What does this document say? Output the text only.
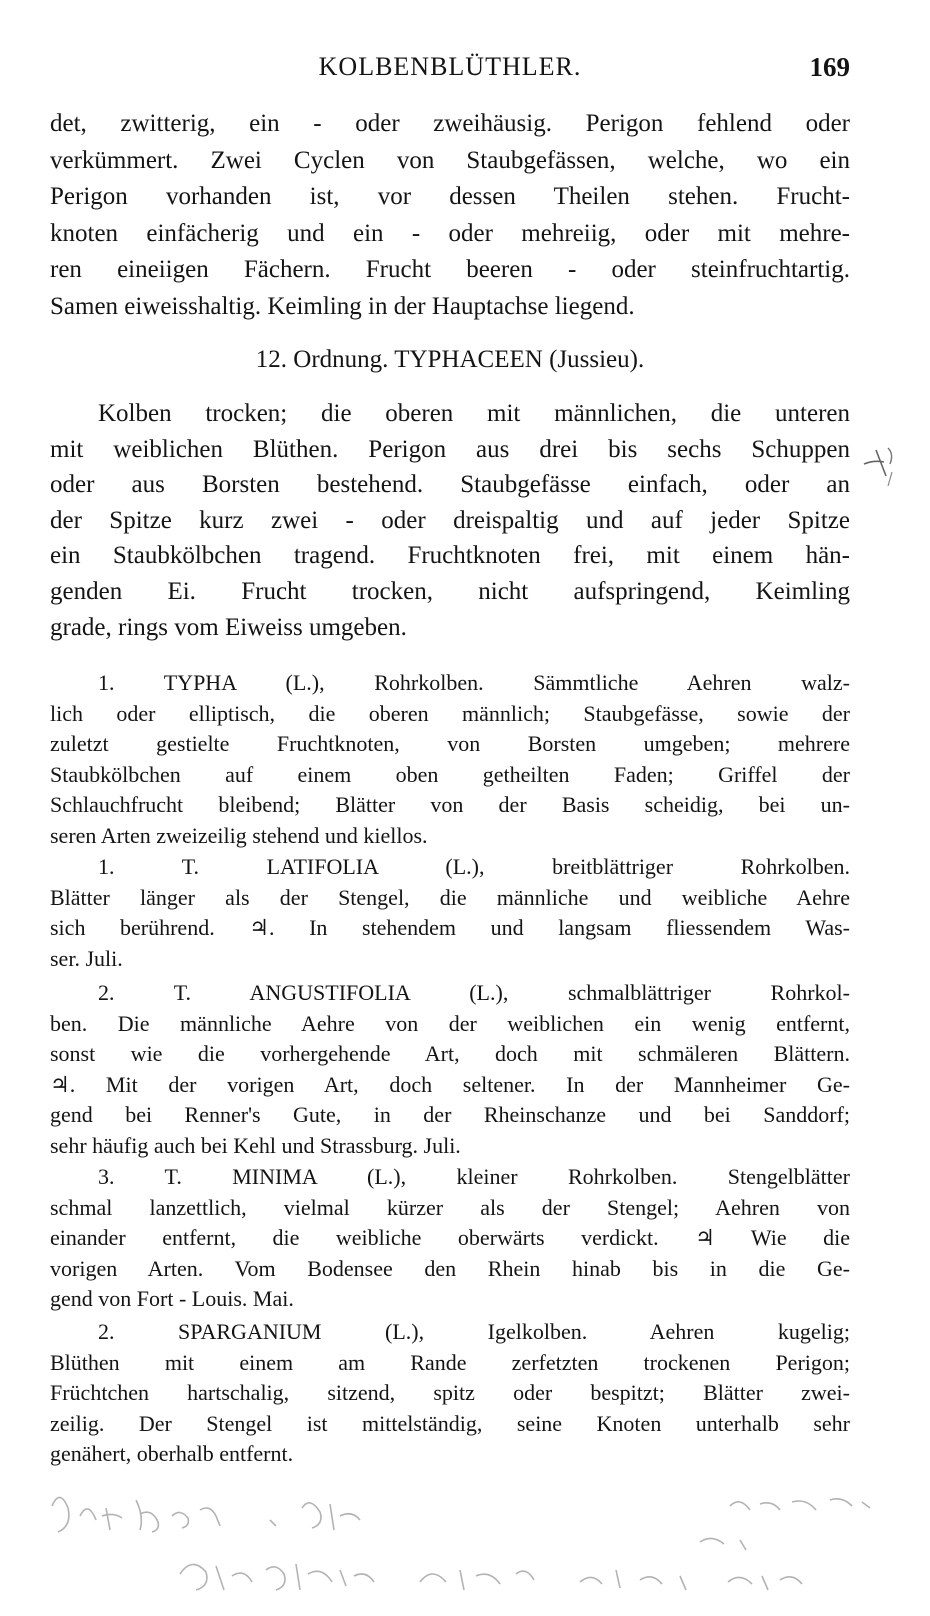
KOLBENBLÜTHLER.	169
det, zwitterig, ein - oder zweihäusig. Perigon fehlend oder
verkümmert. Zwei Cyclen von Staubgefässen, welche, wo ein
Perigon vorhanden ist, vor dessen Theilen stehen. Frucht-
knoten einfächerig und ein - oder mehreiig, oder mit mehre-
ren eineiigen Fächern. Frucht beeren - oder steinfruchtartig.
Samen eiweisshaltig. Keimling in der Hauptachse liegend.
12. Ordnung. TYPHACEEN (Jussieu).
Kolben trocken; die oberen mit männlichen, die unteren
mit weiblichen Blüthen. Perigon aus drei bis sechs Schuppen
oder aus Borsten bestehend. Staubgefässe einfach, oder an
der Spitze kurz zwei - oder dreispaltig und auf jeder Spitze
ein Staubkölbchen tragend. Fruchtknoten frei, mit einem hän-
genden Ei. Frucht trocken, nicht aufspringend, Keimling
grade, rings vom Eiweiss umgeben.
1. TYPHA (L.), Rohrkolben. Sämmtliche Aehren walz-
lich oder elliptisch, die oberen männlich; Staubgefässe, sowie der
zuletzt gestielte Fruchtknoten, von Borsten umgeben; mehrere
Staubkölbchen auf einem oben getheilten Faden; Griffel der
Schlauchfrucht bleibend; Blätter von der Basis scheidig, bei un-
seren Arten zweizeilig stehend und kiellos.
1. T. LATIFOLIA (L.), breitblättriger Rohrkolben.
Blätter länger als der Stengel, die männliche und weibliche Aehre
sich berührend. ♃. In stehendem und langsam fliessendem Was-
ser. Juli.
2. T. ANGUSTIFOLIA (L.), schmalblättriger Rohrkol-
ben. Die männliche Aehre von der weiblichen ein wenig entfernt,
sonst wie die vorhergehende Art, doch mit schmäleren Blättern.
♃. Mit der vorigen Art, doch seltener. In der Mannheimer Ge-
gend bei Renner's Gute, in der Rheinschanze und bei Sanddorf;
sehr häufig auch bei Kehl und Strassburg. Juli.
3. T. MINIMA (L.), kleiner Rohrkolben. Stengelblätter
schmal lanzettlich, vielmal kürzer als der Stengel; Aehren von
einander entfernt, die weibliche oberwärts verdickt. ♃ Wie die
vorigen Arten. Vom Bodensee den Rhein hinab bis in die Ge-
gend von Fort - Louis. Mai.
2. SPARGANIUM (L.), Igelkolben. Aehren kugelig;
Blüthen mit einem am Rande zerfetzten trockenen Perigon;
Früchtchen hartschalig, sitzend, spitz oder bespitzt; Blätter zwei-
zeilig. Der Stengel ist mittelständig, seine Knoten unterhalb sehr
genähert, oberhalb entfernt.
